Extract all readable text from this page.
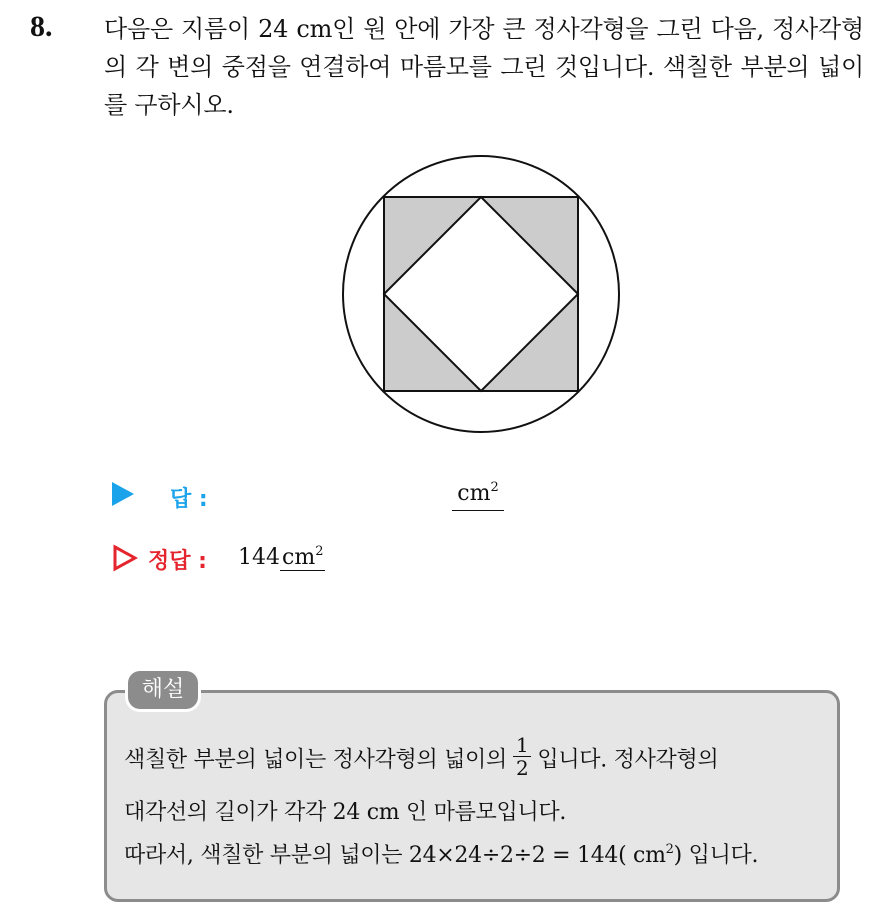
8. 다음은 지름이 24 cm인 원 안에 가장 큰 정사각형을 그린 다음, 정사각형의 각 변의 중점을 연결하여 마름모를 그린 것입니다. 색칠한 부분의 넓이를 구하시오.
답 :	$cm^2$
정답 : $144cm^2$
해설
색칠한 부분의 넓이는 정사각형의 넓이의 $\frac{1}{2}$ 입니다. 정사각형의
대각선의 길이가 각각 24 cm 인 마름모입니다.
따라서, 색칠한 부분의 넓이는 24×24÷2÷2 = 144( $cm^2$) 입니다.
